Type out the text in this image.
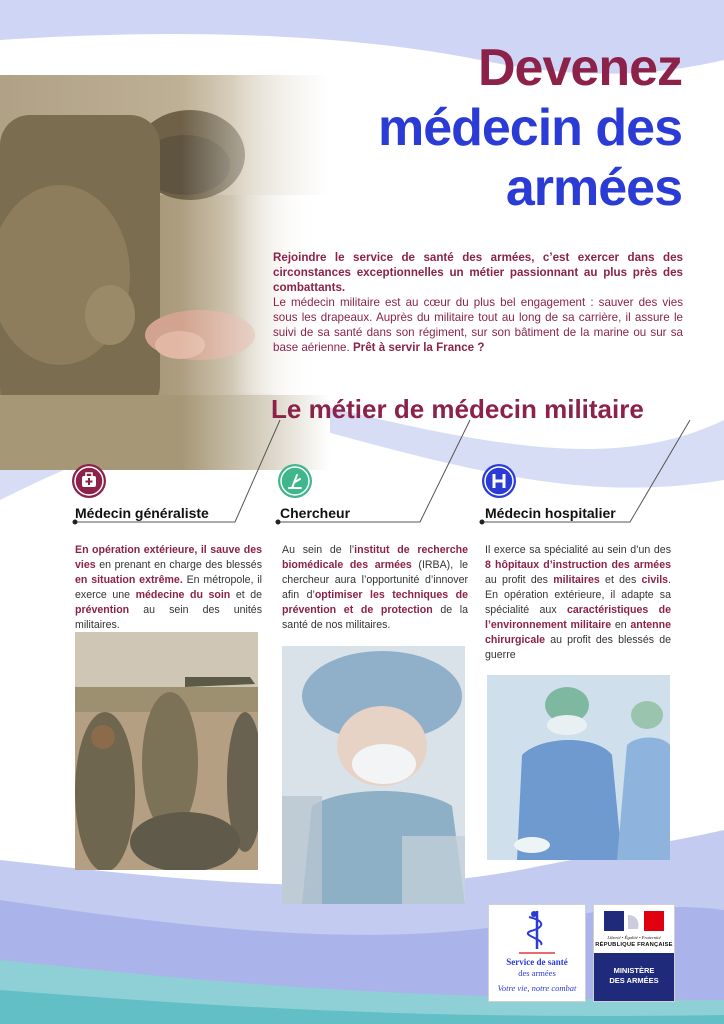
Devenez
médecin des
armées

Rejoindre le service de santé des armées, c’est exercer dans des circonstances exceptionnelles un métier passionnant au plus près des combattants.

Le médecin militaire est au cœur du plus bel engagement : sauver des vies sous les drapeaux. Auprès du militaire tout au long de sa carrière, il assure le suivi de sa santé dans son régiment, sur son bâtiment de la marine ou sur sa base aérienne. Prêt à servir la France ?

Le métier de médecin militaire
Médecin généraliste	Chercheur	Médecin hospitalier
En opération extérieure, il sauve des vies en prenant en charge des blessés en situation extrême. En métropole, il exerce une médecine du soin et de prévention au sein des unités militaires.
Au sein de l’institut de recherche biomédicale des armées (IRBA), le chercheur aura l’opportunité d’innover afin d’optimiser les techniques de prévention et de protection de la santé de nos militaires.
Il exerce sa spécialité au sein d’un des 8 hôpitaux d’instruction des armées au profit des militaires et des civils. En opération extérieure, il adapte sa spécialité aux caractéristiques de l’environnement militaire en antenne chirurgicale au profit des blessés de guerre
Service de santé
des armées
Votre vie, notre combat
Liberté • Égalité • Fraternité
RÉPUBLIQUE FRANÇAISE
MINISTÈRE
DES ARMÉES
